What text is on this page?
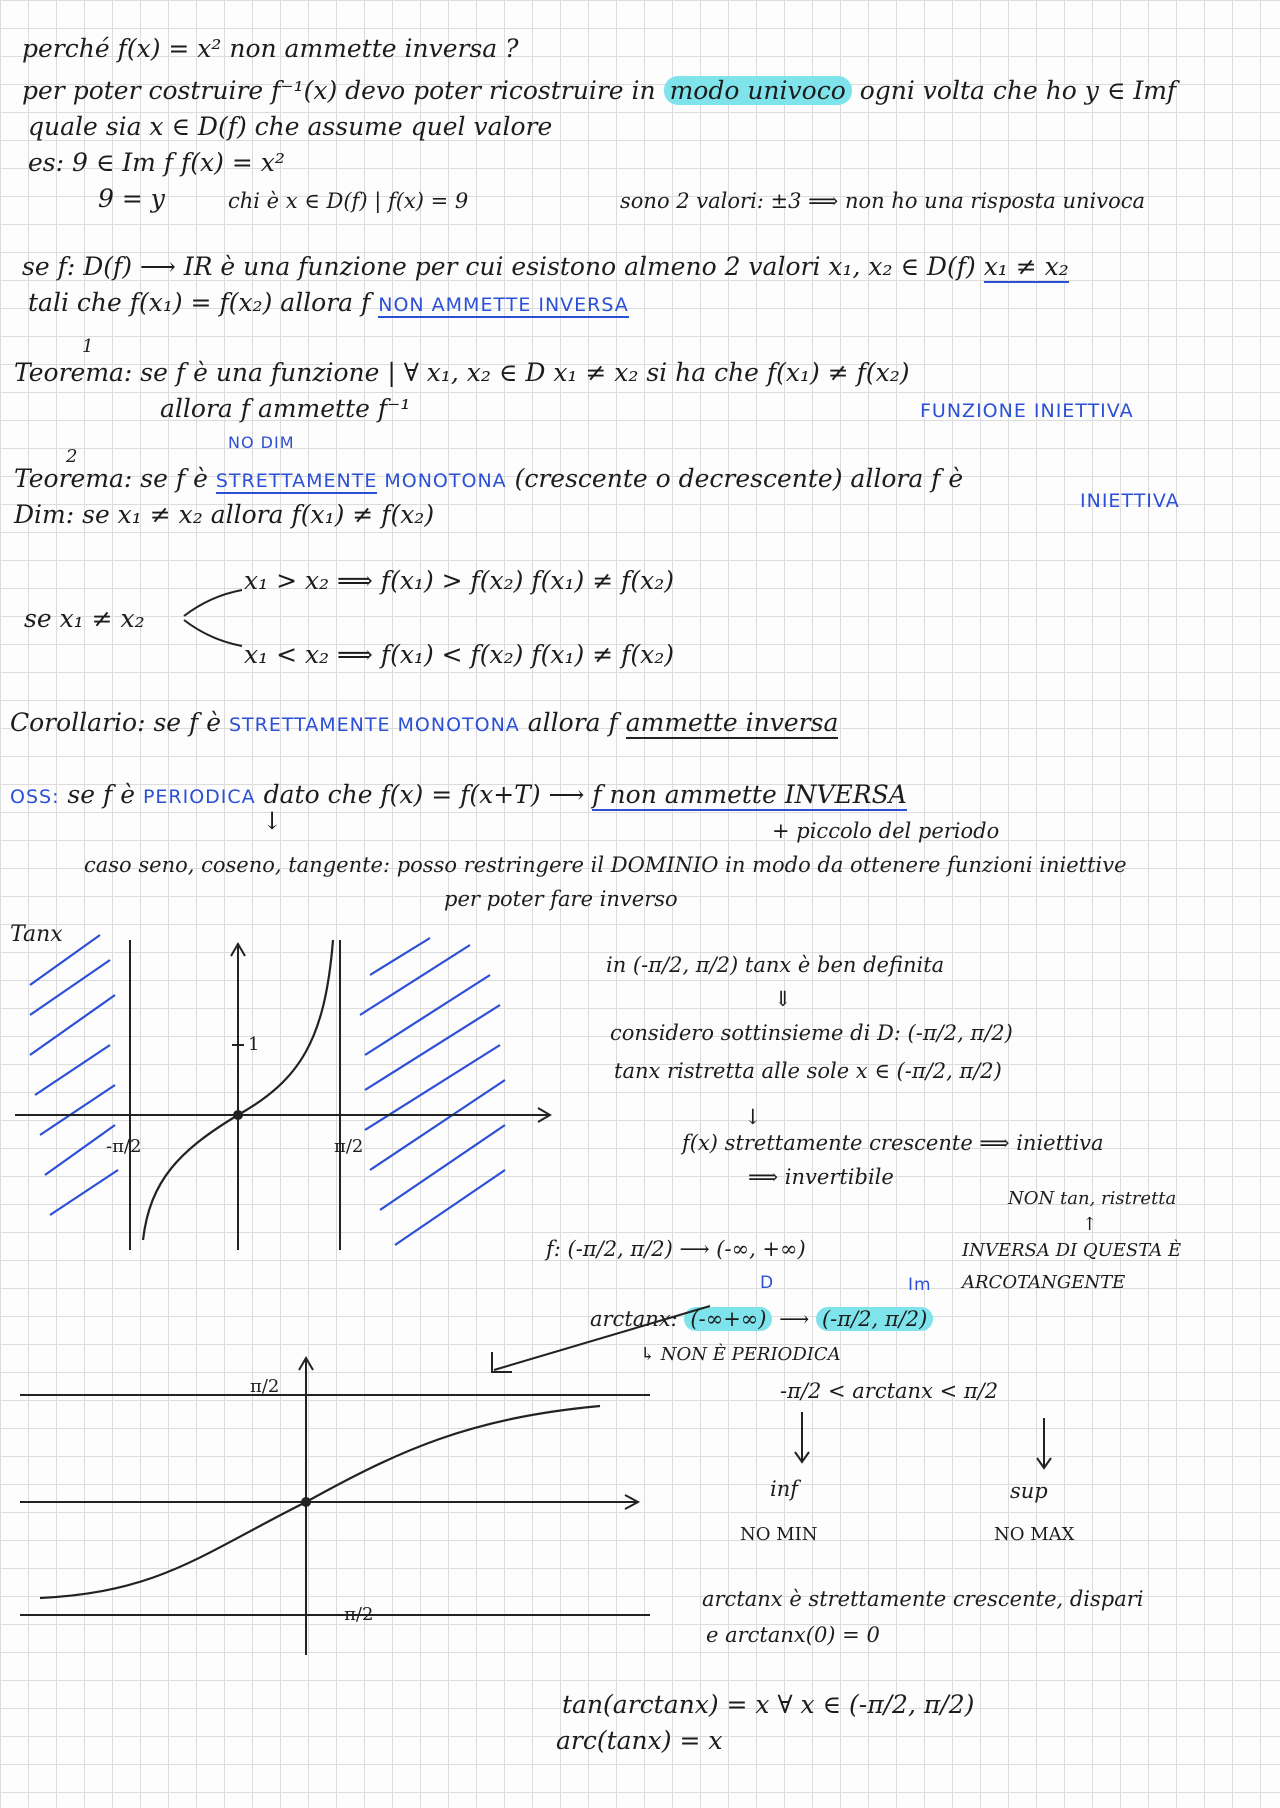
perché f(x) = x² non ammette inversa ?
per poter costruire f⁻¹(x) devo poter ricostruire in modo univoco ogni volta che ho y ∈ Imf
quale sia x ∈ D(f) che assume quel valore
es: 9 ∈ Im f f(x) = x²
9 = y	chi è x ∈ D(f) | f(x) = 9	sono 2 valori: ±3 ⟹ non ho una risposta univoca
se f: D(f) ⟶ IR è una funzione per cui esistono almeno 2 valori x₁, x₂ ∈ D(f) x₁ ≠ x₂
tali che f(x₁) = f(x₂) allora f NON AMMETTE INVERSA
1
Teorema: se f è una funzione | ∀ x₁, x₂ ∈ D x₁ ≠ x₂ si ha che f(x₁) ≠ f(x₂)
allora f ammette f⁻¹	FUNZIONE INIETTIVA
NO DIM
2
Teorema: se f è STRETTAMENTE MONOTONA (crescente o decrescente) allora f è
INIETTIVA
Dim: se x₁ ≠ x₂ allora f(x₁) ≠ f(x₂)
x₁ > x₂ ⟹ f(x₁) > f(x₂) f(x₁) ≠ f(x₂)
se x₁ ≠ x₂
x₁ < x₂ ⟹ f(x₁) < f(x₂) f(x₁) ≠ f(x₂)
Corollario: se f è STRETTAMENTE MONOTONA allora f ammette inversa
OSS: se f è PERIODICA dato che f(x) = f(x+T) ⟶ f non ammette INVERSA
+ piccolo del periodo
↓
caso seno, coseno, tangente: posso restringere il DOMINIO in modo da ottenere funzioni iniettive
per poter fare inverso
Tanx
1
-π/2	π/2
in (-π/2, π/2) tanx è ben definita
⇓
considero sottinsieme di D: (-π/2, π/2)
tanx ristretta alle sole x ∈ (-π/2, π/2)
↓
f(x) strettamente crescente ⟹ iniettiva
⟹ invertibile
NON tan, ristretta
↑
f: (-π/2, π/2) ⟶ (-∞, +∞)	INVERSA DI QUESTA È
D	Im ARCOTANGENTE
arctanx: (-∞+∞) ⟶ (-π/2, π/2)
↳ NON È PERIODICA
-π/2 < arctanx < π/2
inf	sup
NO MIN	NO MAX
arctanx è strettamente crescente, dispari
e arctanx(0) = 0
tan(arctanx) = x ∀ x ∈ (-π/2, π/2)
arc(tanx) = x
π/2
-π/2
